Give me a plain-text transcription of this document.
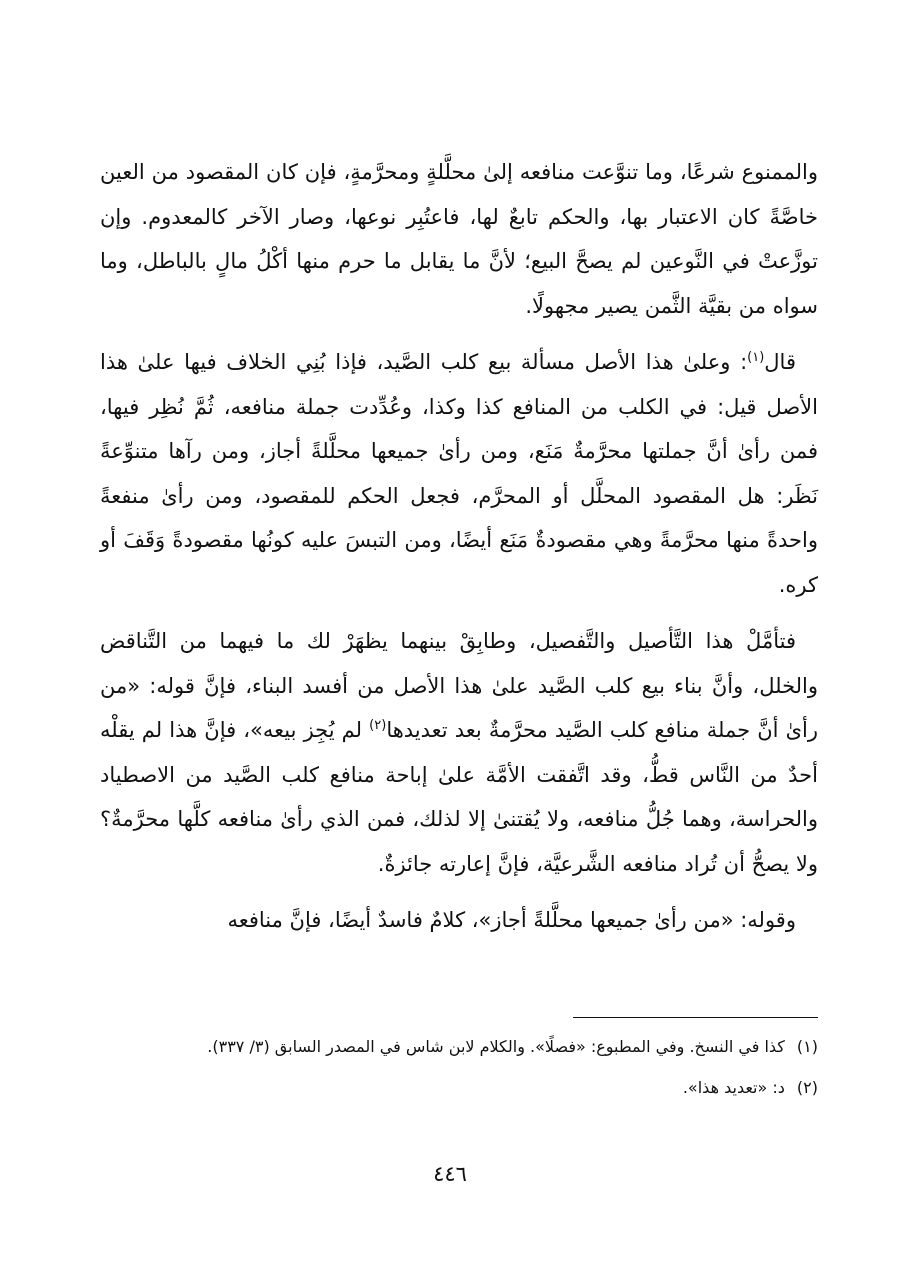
والممنوع شرعًا، وما تنوَّعت منافعه إلىٰ محلَّلةٍ ومحرَّمةٍ، فإن كان المقصود من العين خاصَّةً كان الاعتبار بها، والحكم تابعٌ لها، فاعتُبِر نوعها، وصار الآخر كالمعدوم. وإن توزَّعتْ في النَّوعين لم يصحَّ البيع؛ لأنَّ ما يقابل ما حرم منها أكْلُ مالٍ بالباطل، وما سواه من بقيَّة الثَّمن يصير مجهولًا.

قال$^{(١)}$: وعلىٰ هذا الأصل مسألة بيع كلب الصَّيد، فإذا بُنِي الخلاف فيها علىٰ هذا الأصل قيل: في الكلب من المنافع كذا وكذا، وعُدِّدت جملة منافعه، ثُمَّ نُظِر فيها، فمن رأىٰ أنَّ جملتها محرَّمةٌ مَنَع، ومن رأىٰ جميعها محلَّلةً أجاز، ومن رآها متنوِّعةً نَظَر: هل المقصود المحلَّل أو المحرَّم، فجعل الحكم للمقصود، ومن رأىٰ منفعةً واحدةً منها محرَّمةً وهي مقصودةٌ مَنَع أيضًا، ومن التبسَ عليه كونُها مقصودةً وَقَفَ أو كره.

فتأمَّلْ هذا التَّأصيل والتَّفصيل، وطابِقْ بينهما يظهَرْ لك ما فيهما من التَّناقض والخلل، وأنَّ بناء بيع كلب الصَّيد علىٰ هذا الأصل من أفسد البناء، فإنَّ قوله: «من رأىٰ أنَّ جملة منافع كلب الصَّيد محرَّمةٌ بعد تعديدها$^{(٢)}$ لم يُجِز بيعه»، فإنَّ هذا لم يقلْه أحدٌ من النَّاس قطُّ، وقد اتَّفقت الأمَّة علىٰ إباحة منافع كلب الصَّيد من الاصطياد والحراسة، وهما جُلُّ منافعه، ولا يُقتنىٰ إلا لذلك، فمن الذي رأىٰ منافعه كلَّها محرَّمةٌ؟ ولا يصحُّ أن تُراد منافعه الشَّرعيَّة، فإنَّ إعارته جائزةٌ.

وقوله: «من رأىٰ جميعها محلَّلةً أجاز»، كلامٌ فاسدٌ أيضًا، فإنَّ منافعه

(١)
كذا في النسخ. وفي المطبوع: «فصلًا». والكلام لابن شاس في المصدر السابق (٣/ ٣٣٧).
(٢)
د: «تعديد هذا».
٤٤٦
